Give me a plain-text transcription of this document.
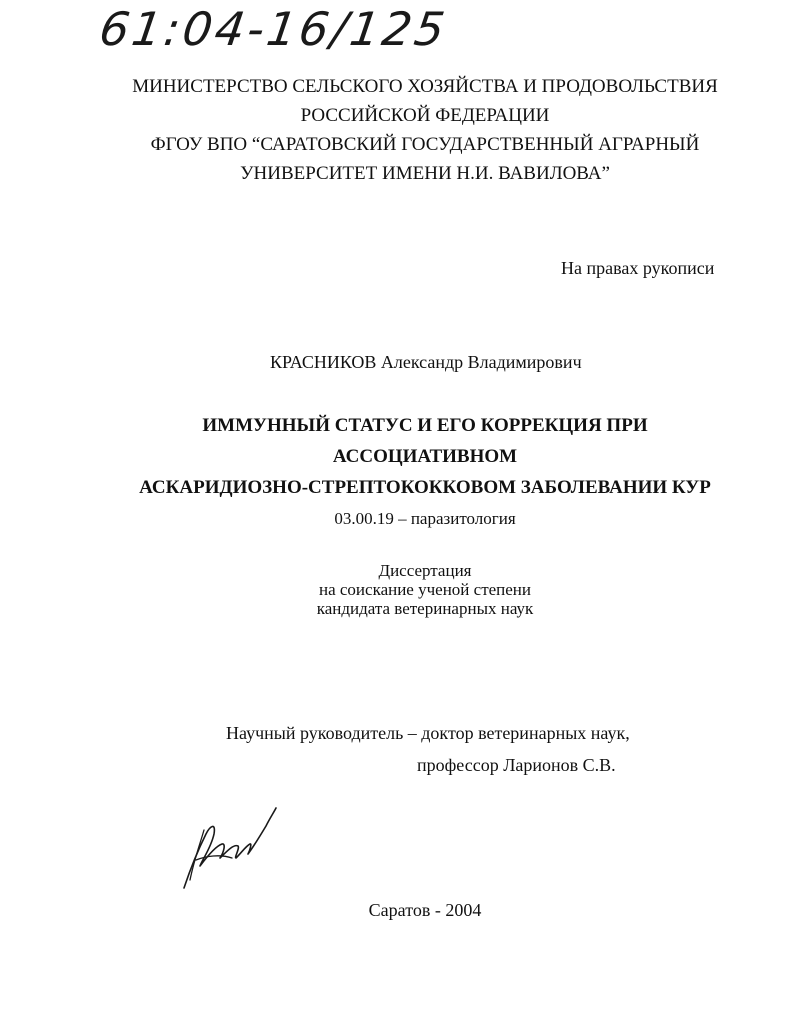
61:04-16/125
МИНИСТЕРСТВО СЕЛЬСКОГО ХОЗЯЙСТВА И ПРОДОВОЛЬСТВИЯ
РОССИЙСКОЙ ФЕДЕРАЦИИ
ФГОУ ВПО “САРАТОВСКИЙ ГОСУДАРСТВЕННЫЙ АГРАРНЫЙ
УНИВЕРСИТЕТ ИМЕНИ Н.И. ВАВИЛОВА”
На правах рукописи
КРАСНИКОВ Александр Владимирович
ИММУННЫЙ СТАТУС И ЕГО КОРРЕКЦИЯ ПРИ
АССОЦИАТИВНОМ
АСКАРИДИОЗНО-СТРЕПТОКОККОВОМ ЗАБОЛЕВАНИИ КУР
03.00.19 – паразитология
Диссертация
на соискание ученой степени
кандидата ветеринарных наук
Научный руководитель – доктор ветеринарных наук,
профессор Ларионов С.В.
Саратов - 2004
